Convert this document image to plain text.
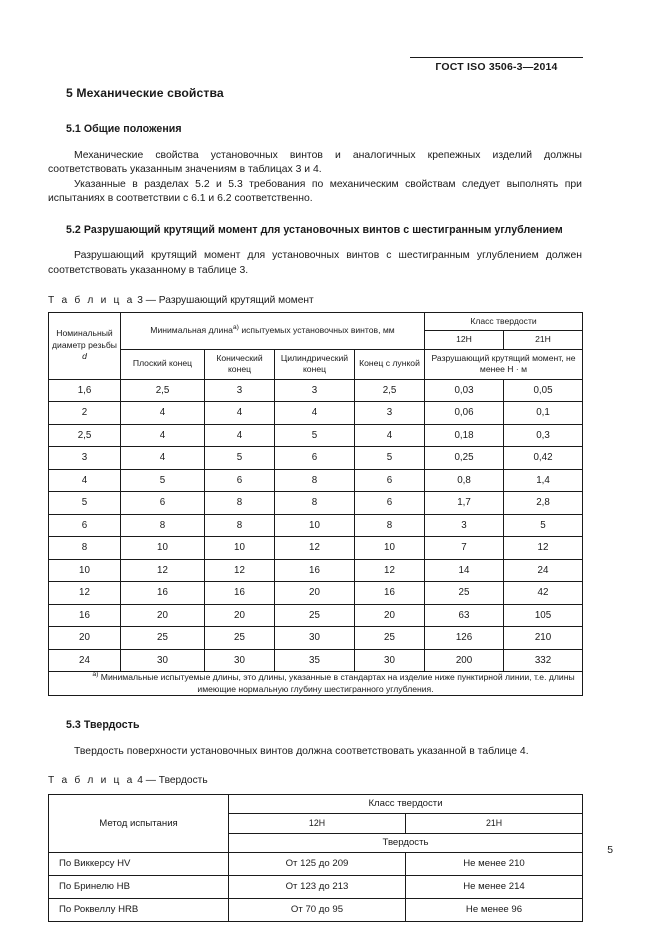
ГОСТ ISO 3506-3—2014
5 Механические свойства
5.1 Общие положения

Механические свойства установочных винтов и аналогичных крепежных изделий должны соответствовать указанным значениям в таблицах 3 и 4.

Указанные в разделах 5.2 и 5.3 требования по механическим свойствам следует выполнять при испытаниях в соответствии с 6.1 и 6.2 соответственно.

5.2 Разрушающий крутящий момент для установочных винтов с шестигранным углублением

Разрушающий крутящий момент для установочных винтов с шестигранным углублением должен соответствовать указанному в таблице 3.

Т а б л и ц а 3 — Разрушающий крутящий момент

Номинальный диаметр резьбы d	Минимальная длина$^{а)}$ испытуемых установочных винтов, мм				Класс твердости	
					12H	21H
	Плоский конец	Конический конец	Цилиндрический конец	Конец с лункой	Разрушающий крутящий момент, не менее Н · м	
1,6	2,5	3	3	2,5	0,03	0,05
2	4	4	4	3	0,06	0,1
2,5	4	4	5	4	0,18	0,3
3	4	5	6	5	0,25	0,42
4	5	6	8	6	0,8	1,4
5	6	8	8	6	1,7	2,8
6	8	8	10	8	3	5
8	10	10	12	10	7	12
10	12	12	16	12	14	24
12	16	16	20	16	25	42
16	20	20	25	20	63	105
20	25	25	30	25	126	210
24	30	30	35	30	200	332
$^{а)}$ Минимальные испытуемые длины, это длины, указанные в стандартах на изделие ниже пунктирной линии, т.е. длины имеющие нормальную глубину шестигранного углубления.						
5.3 Твердость

Твердость поверхности установочных винтов должна соответствовать указанной в таблице 4.

Т а б л и ц а 4 — Твердость

Метод испытания	Класс твердости	
	12H	21H
	Твердость	
По Виккерсу HV	От 125 до 209	Не менее 210
По Бринелю HB	От 123 до 213	Не менее 214
По Роквеллу HRB	От 70 до 95	Не менее 96
5
